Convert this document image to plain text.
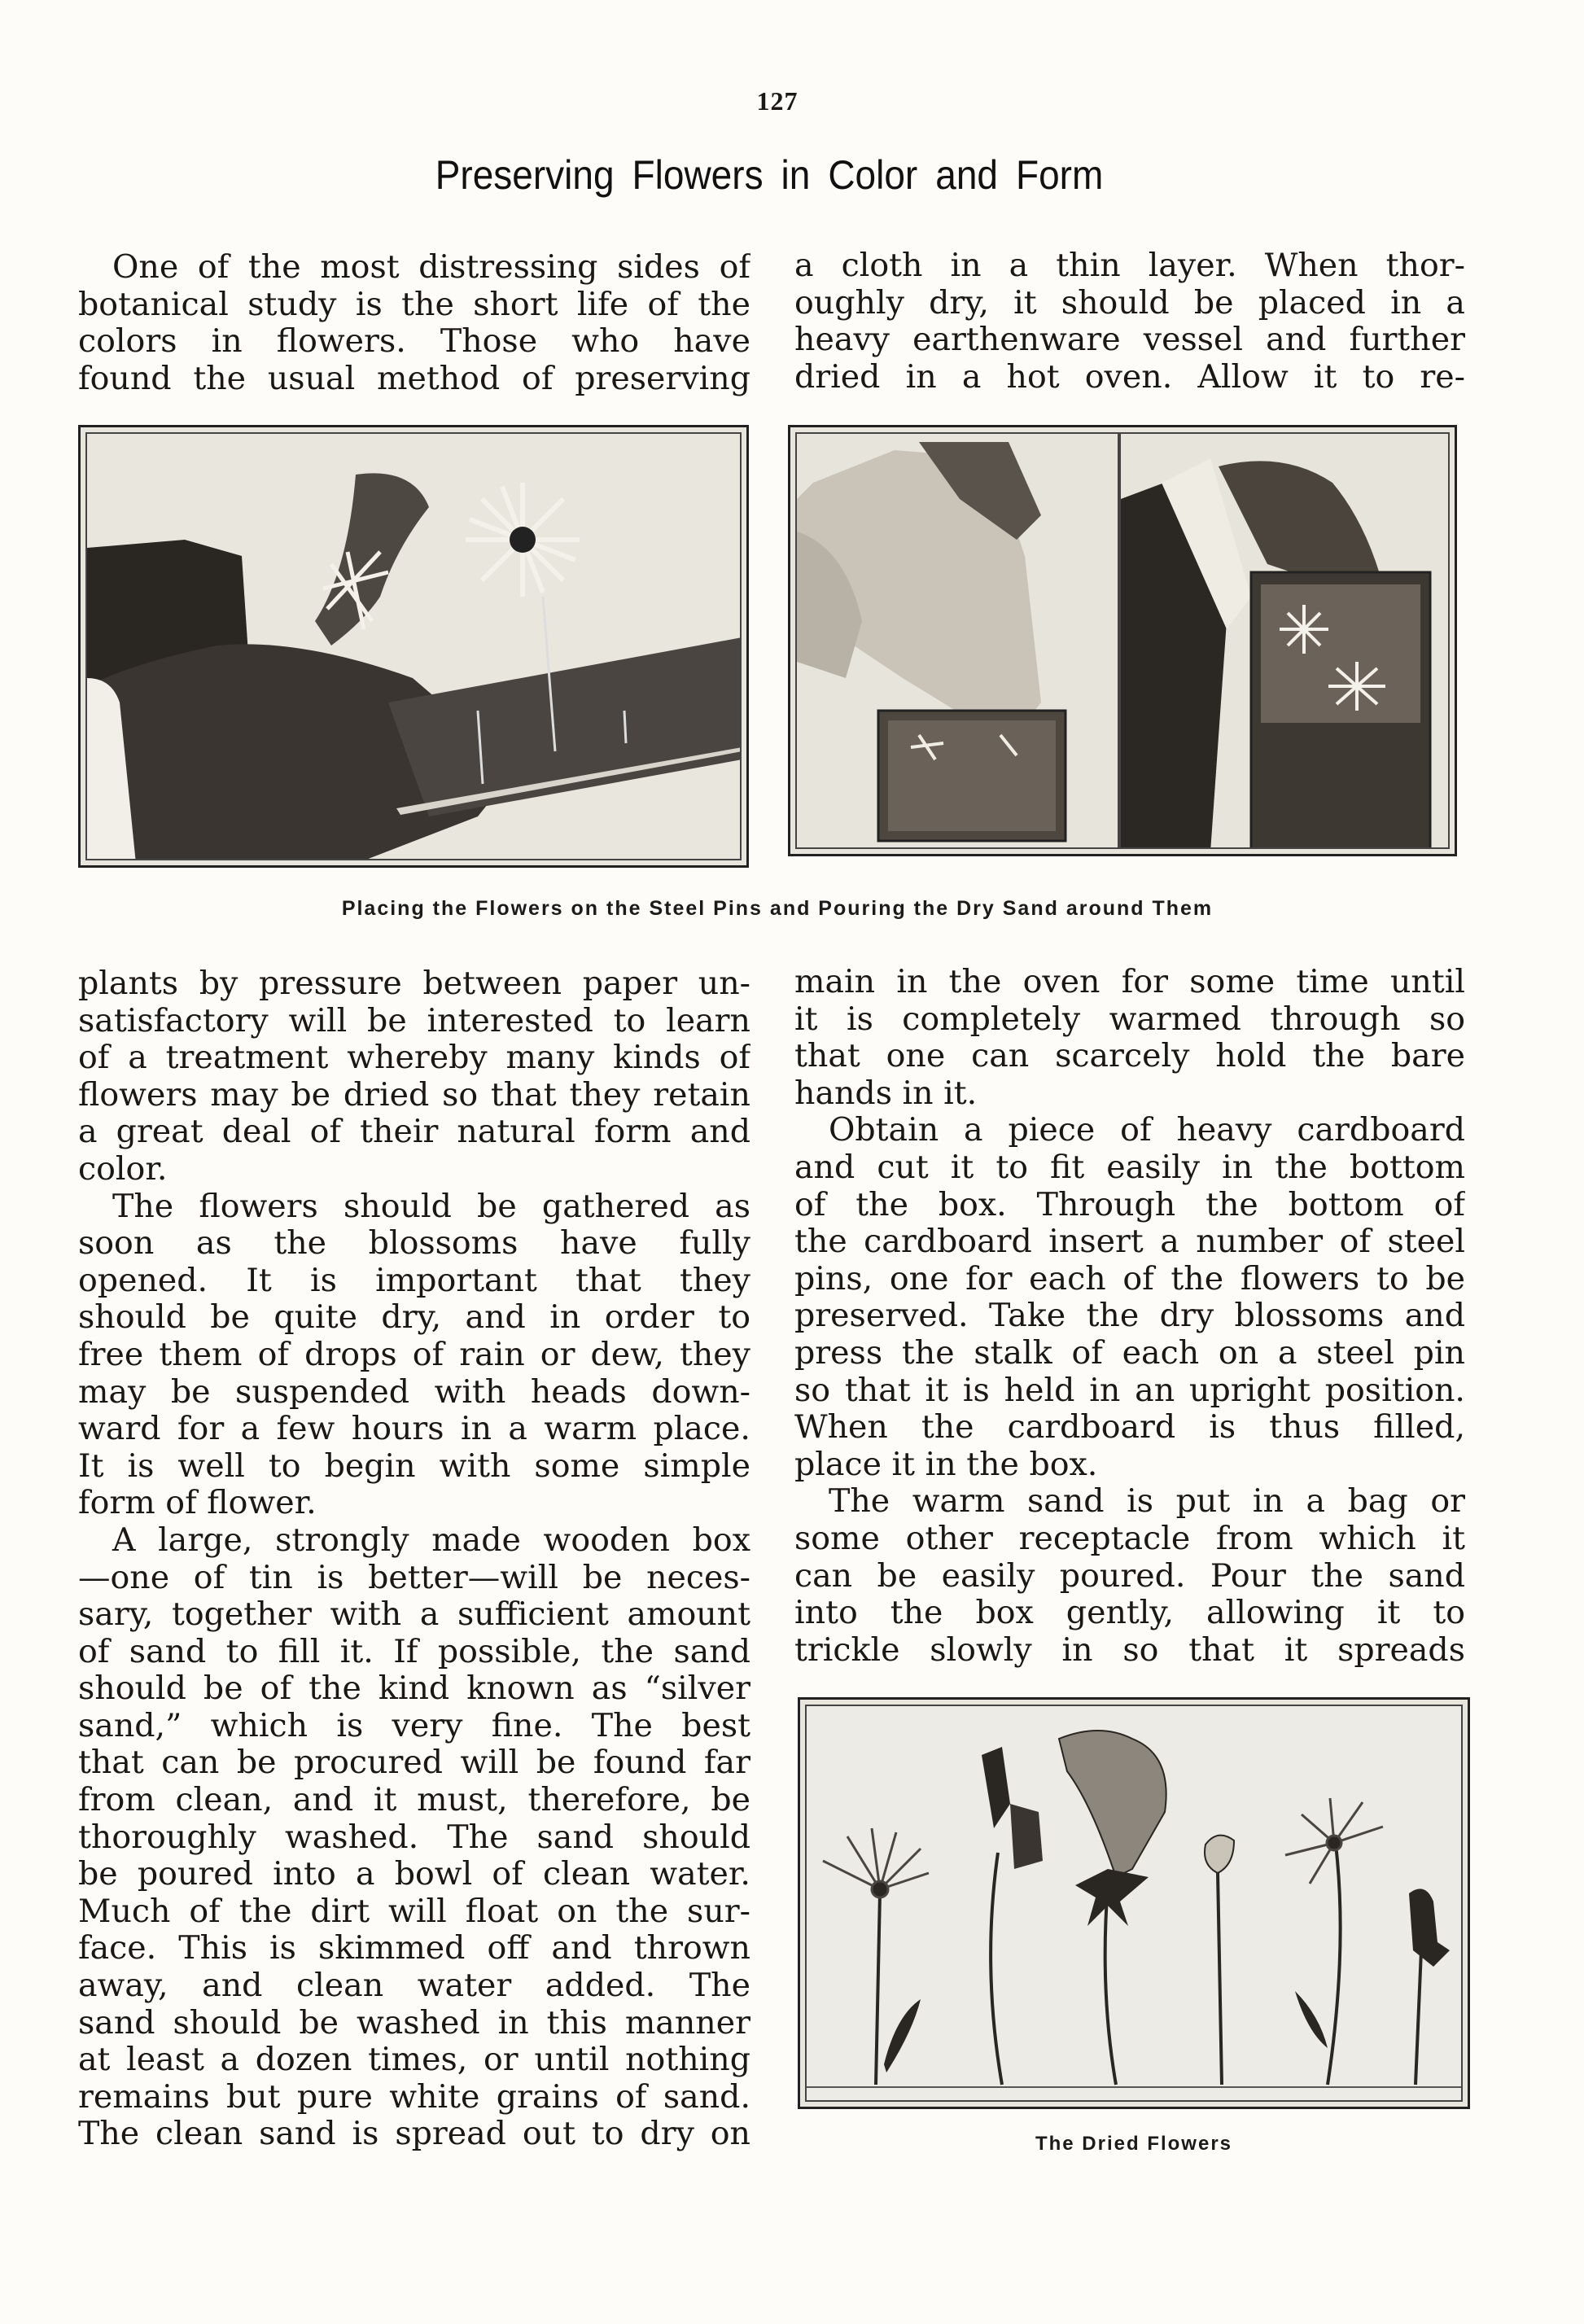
127
Preserving Flowers in Color and Form
One of the most distressing sides of
botanical study is the short life of the
colors in flowers. Those who have
found the usual method of preserving
a cloth in a thin layer. When thor-
oughly dry, it should be placed in a
heavy earthenware vessel and further
dried in a hot oven. Allow it to re-
Placing the Flowers on the Steel Pins and Pouring the Dry Sand around Them
plants by pressure between paper un-
satisfactory will be interested to learn
of a treatment whereby many kinds of
flowers may be dried so that they retain
a great deal of their natural form and
color.
The flowers should be gathered as
soon as the blossoms have fully
opened. It is important that they
should be quite dry, and in order to
free them of drops of rain or dew, they
may be suspended with heads down-
ward for a few hours in a warm place.
It is well to begin with some simple
form of flower.
A large, strongly made wooden box
—one of tin is better—will be neces-
sary, together with a sufficient amount
of sand to fill it. If possible, the sand
should be of the kind known as “silver
sand,” which is very fine. The best
that can be procured will be found far
from clean, and it must, therefore, be
thoroughly washed. The sand should
be poured into a bowl of clean water.
Much of the dirt will float on the sur-
face. This is skimmed off and thrown
away, and clean water added. The
sand should be washed in this manner
at least a dozen times, or until nothing
remains but pure white grains of sand.
The clean sand is spread out to dry on
main in the oven for some time until
it is completely warmed through so
that one can scarcely hold the bare
hands in it.
Obtain a piece of heavy cardboard
and cut it to fit easily in the bottom
of the box. Through the bottom of
the cardboard insert a number of steel
pins, one for each of the flowers to be
preserved. Take the dry blossoms and
press the stalk of each on a steel pin
so that it is held in an upright position.
When the cardboard is thus filled,
place it in the box.
The warm sand is put in a bag or
some other receptacle from which it
can be easily poured. Pour the sand
into the box gently, allowing it to
trickle slowly in so that it spreads
The Dried Flowers
